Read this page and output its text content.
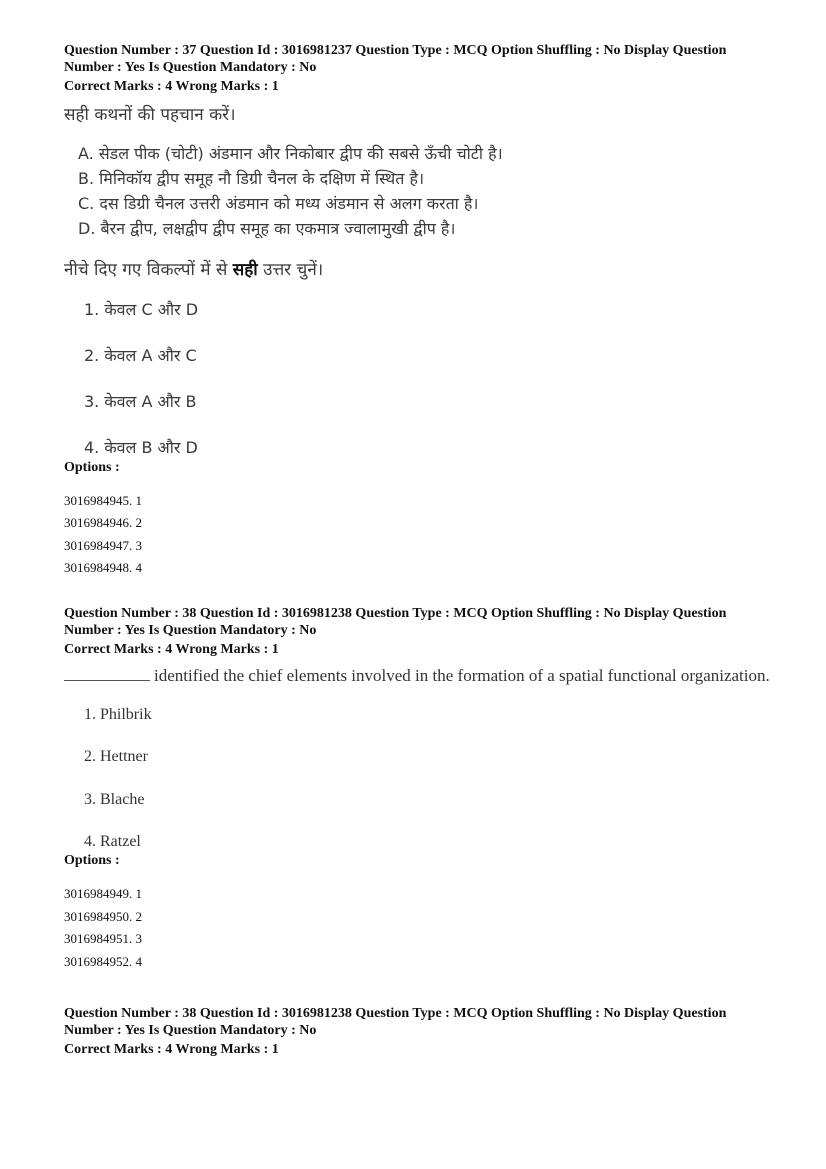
Question Number : 37 Question Id : 3016981237 Question Type : MCQ Option Shuffling : No Display Question

Number : Yes Is Question Mandatory : No

Correct Marks : 4 Wrong Marks : 1

सही कथनों की पहचान करें।
A. सेडल पीक (चोटी) अंडमान और निकोबार द्वीप की सबसे ऊँची चोटी है।
B. मिनिकॉय द्वीप समूह नौ डिग्री चैनल के दक्षिण में स्थित है।
C. दस डिग्री चैनल उत्तरी अंडमान को मध्य अंडमान से अलग करता है।
D. बैरन द्वीप, लक्षद्वीप द्वीप समूह का एकमात्र ज्वालामुखी द्वीप है।
नीचे दिए गए विकल्पों में से सही उत्तर चुनें।
1. केवल C और D
2. केवल A और C
3. केवल A और B
4. केवल B और D

Options :

3016984945. 1
3016984946. 2
3016984947. 3
3016984948. 4

Question Number : 38 Question Id : 3016981238 Question Type : MCQ Option Shuffling : No Display Question

Number : Yes Is Question Mandatory : No

Correct Marks : 4 Wrong Marks : 1

identified the chief elements involved in the formation of a spatial functional organization.
1. Philbrik
2. Hettner
3. Blache
4. Ratzel

Options :

3016984949. 1
3016984950. 2
3016984951. 3
3016984952. 4

Question Number : 38 Question Id : 3016981238 Question Type : MCQ Option Shuffling : No Display Question

Number : Yes Is Question Mandatory : No

Correct Marks : 4 Wrong Marks : 1
